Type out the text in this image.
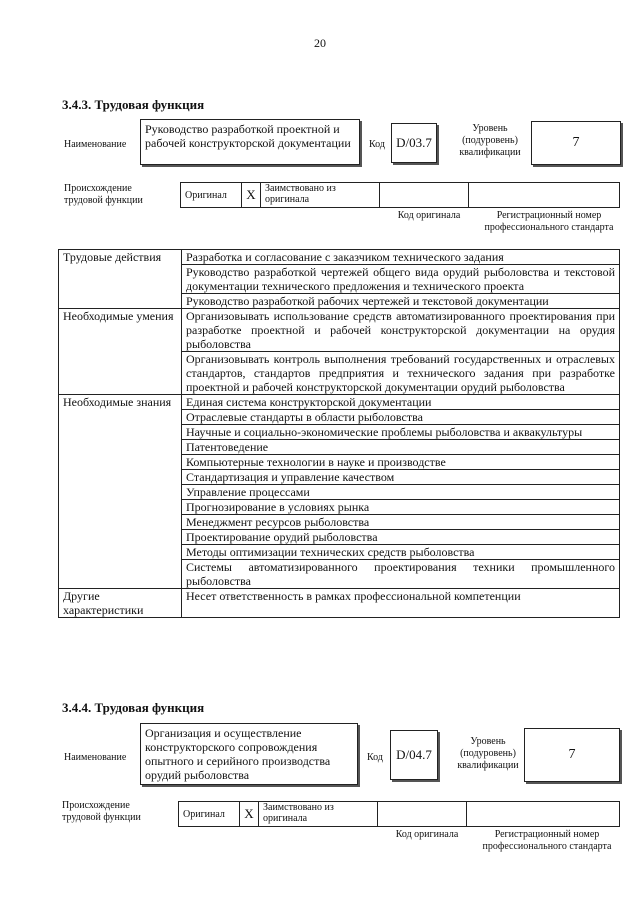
20
3.4.3. Трудовая функция
Наименование
Руководство разработкой проектной и рабочей конструкторской документации	Код D/03.7
Уровень (подуровень) квалификации
7
Происхождение трудовой функции	Оригинал	X	Заимствовано из оригинала		
Код оригинала	Регистрационный номер профессионального стандарта
Трудовые действия	Разработка и согласование с заказчиком технического задания
	Руководство разработкой чертежей общего вида орудий рыболовства и текстовой документации технического предложения и технического проекта
	Руководство разработкой рабочих чертежей и текстовой документации
Необходимые умения	Организовывать использование средств автоматизированного проектирования при разработке проектной и рабочей конструкторской документации на орудия рыболовства
	Организовывать контроль выполнения требований государственных и отраслевых стандартов, стандартов предприятия и технического задания при разработке проектной и рабочей конструкторской документации орудий рыболовства
Необходимые знания	Единая система конструкторской документации
	Отраслевые стандарты в области рыболовства
	Научные и социально-экономические проблемы рыболовства и аквакультуры
	Патентоведение
	Компьютерные технологии в науке и производстве
	Стандартизация и управление качеством
	Управление процессами
	Прогнозирование в условиях рынка
	Менеджмент ресурсов рыболовства
	Проектирование орудий рыболовства
	Методы оптимизации технических средств рыболовства
	Системы автоматизированного проектирования техники промышленного рыболовства
Другие характеристики	Несет ответственность в рамках профессиональной компетенции
3.4.4. Трудовая функция
Наименование
Организация и осуществление конструкторского сопровождения опытного и серийного производства орудий рыболовства
Код D/04.7
Уровень (подуровень) квалификации
7
Происхождение трудовой функции	Оригинал	X	Заимствовано из оригинала		
Код оригинала	Регистрационный номер профессионального стандарта
